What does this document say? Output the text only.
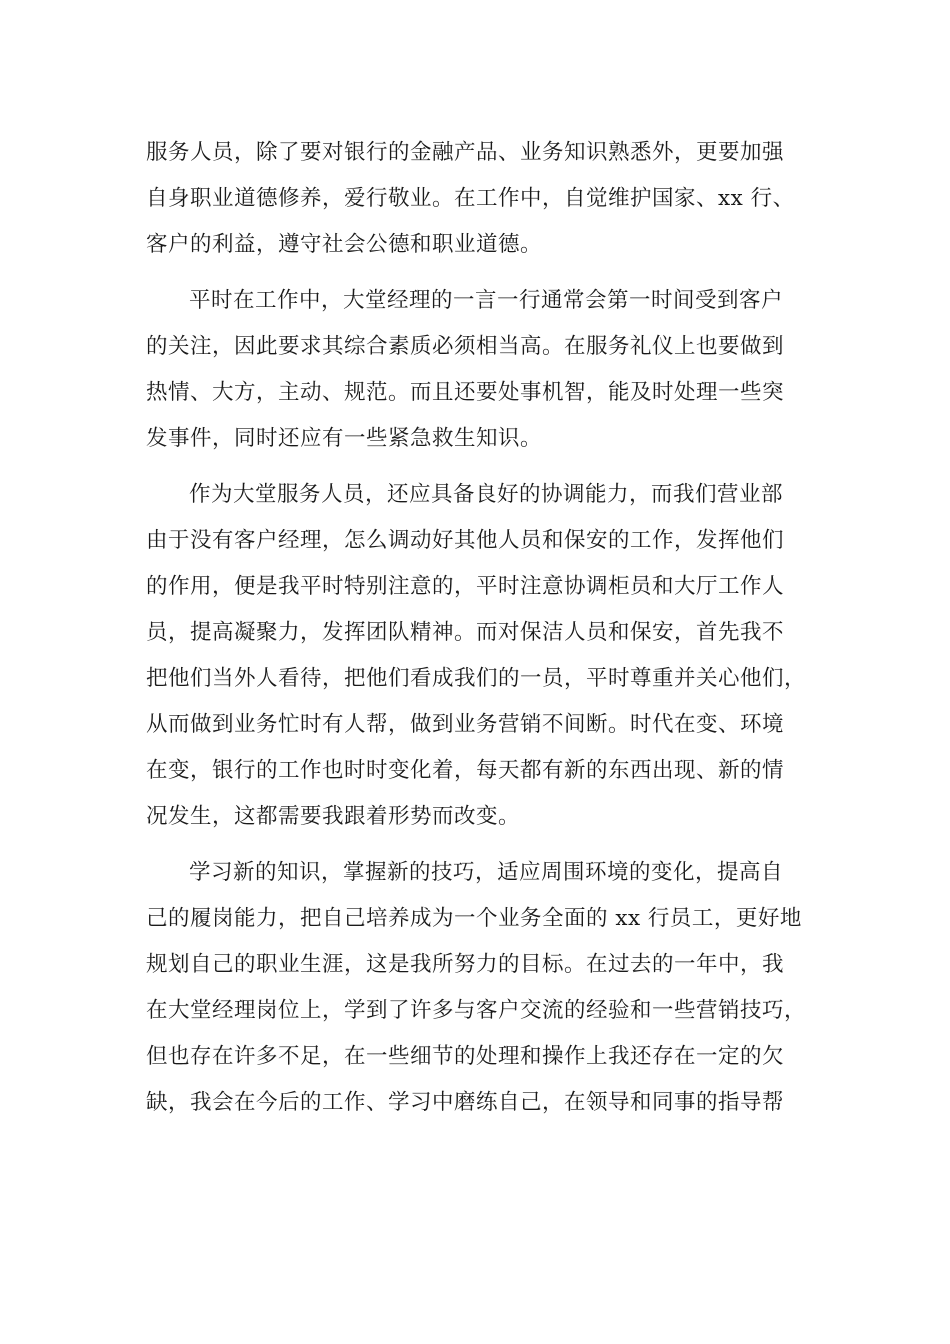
服务人员，除了要对银行的金融产品、业务知识熟悉外，更要加强
自身职业道德修养，爱行敬业。在工作中，自觉维护国家、xx 行、
客户的利益，遵守社会公德和职业道德。
平时在工作中，大堂经理的一言一行通常会第一时间受到客户
的关注，因此要求其综合素质必须相当高。在服务礼仪上也要做到
热情、大方，主动、规范。而且还要处事机智，能及时处理一些突
发事件，同时还应有一些紧急救生知识。
作为大堂服务人员，还应具备良好的协调能力，而我们营业部
由于没有客户经理，怎么调动好其他人员和保安的工作，发挥他们
的作用，便是我平时特别注意的，平时注意协调柜员和大厅工作人
员，提高凝聚力，发挥团队精神。而对保洁人员和保安，首先我不
把他们当外人看待，把他们看成我们的一员，平时尊重并关心他们，
从而做到业务忙时有人帮，做到业务营销不间断。时代在变、环境
在变，银行的工作也时时变化着，每天都有新的东西出现、新的情
况发生，这都需要我跟着形势而改变。
学习新的知识，掌握新的技巧，适应周围环境的变化，提高自
己的履岗能力，把自己培养成为一个业务全面的 xx 行员工，更好地
规划自己的职业生涯，这是我所努力的目标。在过去的一年中，我
在大堂经理岗位上，学到了许多与客户交流的经验和一些营销技巧，
但也存在许多不足，在一些细节的处理和操作上我还存在一定的欠
缺，我会在今后的工作、学习中磨练自己，在领导和同事的指导帮
